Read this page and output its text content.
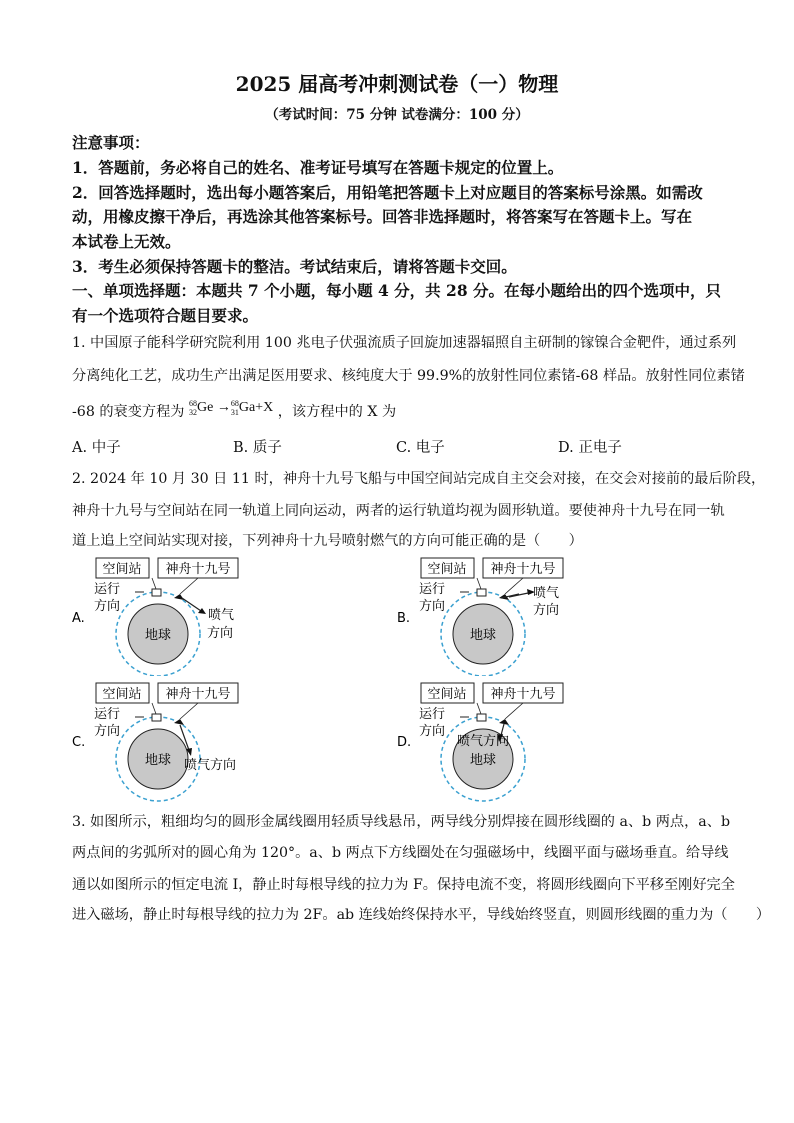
2025 届高考冲刺测试卷（一）物理
（考试时间：75 分钟 试卷满分：100 分）
注意事项：
1．答题前，务必将自己的姓名、准考证号填写在答题卡规定的位置上。
2．回答选择题时，选出每小题答案后，用铅笔把答题卡上对应题目的答案标号涂黑。如需改
动，用橡皮擦干净后，再选涂其他答案标号。回答非选择题时，将答案写在答题卡上。写在
本试卷上无效。
3．考生必须保持答题卡的整洁。考试结束后，请将答题卡交回。
一、单项选择题：本题共 7 个小题，每小题 4 分，共 28 分。在每小题给出的四个选项中，只
有一个选项符合题目要求。
1. 中国原子能科学研究院利用 100 兆电子伏强流质子回旋加速器辐照自主研制的镓镍合金靶件，通过系列
分离纯化工艺，成功生产出满足医用要求、核纯度大于 99.9%的放射性同位素锗-68 样品。放射性同位素锗
-68 的衰变方程为
68
32 Ge → 68
31 Ga+X ，该方程中的 X 为
A. 中子	B. 质子	C. 电子	D. 正电子
2. 2024 年 10 月 30 日 11 时，神舟十九号飞船与中国空间站完成自主交会对接，在交会对接前的最后阶段，
神舟十九号与空间站在同一轨道上同向运动，两者的运行轨道均视为圆形轨道。要使神舟十九号在同一轨
道上追上空间站实现对接，下列神舟十九号喷射燃气的方向可能正确的是（　　）
A.
空间站 神舟十九号
运行
方向
地球
喷气
方向
B.
空间站 神舟十九号
运行
方向
地球
喷气
方向
C.
空间站 神舟十九号
运行
方向
地球 喷气方向
D.
空间站 神舟十九号
运行
方向
地球
喷气方向
3. 如图所示，粗细均匀的圆形金属线圈用轻质导线悬吊，两导线分别焊接在圆形线圈的 a、b 两点，a、b
两点间的劣弧所对的圆心角为 120°。a、b 两点下方线圈处在匀强磁场中，线圈平面与磁场垂直。给导线
通以如图所示的恒定电流 I，静止时每根导线的拉力为 F。保持电流不变，将圆形线圈向下平移至刚好完全
进入磁场，静止时每根导线的拉力为 2F。ab 连线始终保持水平，导线始终竖直，则圆形线圈的重力为（　　）
